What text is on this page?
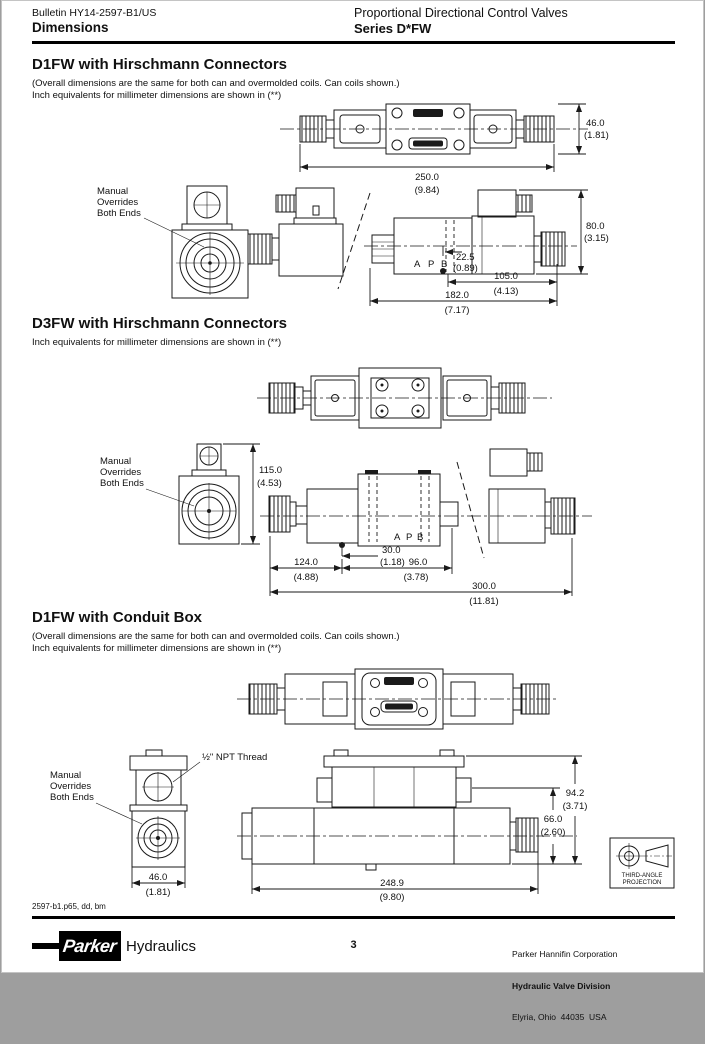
Bulletin HY14-2597-B1/US
Dimensions
Proportional Directional Control Valves
Series D*FW
D1FW with Hirschmann Connectors
(Overall dimensions are the same for both can and overmolded coils. Can coils shown.)
Inch equivalents for millimeter dimensions are shown in (**)
46.0
(1.81)
250.0
(9.84)
Manual
Overrides
Both Ends
A P B
22.5
(0.89)
80.0
(3.15)
105.0
(4.13)
182.0
(7.17)
D3FW with Hirschmann Connectors
Inch equivalents for millimeter dimensions are shown in (**)
Manual
Overrides
Both Ends
115.0
(4.53)
A P B
30.0
(1.18)
124.0
(4.88)
96.0
(3.78)
300.0
(11.81)
D1FW with Conduit Box
(Overall dimensions are the same for both can and overmolded coils. Can coils shown.)
Inch equivalents for millimeter dimensions are shown in (**)
½" NPT Thread
Manual
Overrides
Both Ends
46.0
(1.81)
94.2
(3.71)
66.0
(2.60)
248.9
(9.80)
THIRD-ANGLE
PROJECTION
2597-b1.p65, dd, bm
Parker Hydraulics	3

Parker Hannifin Corporation

Hydraulic Valve Division

Elyria, Ohio  44035  USA
